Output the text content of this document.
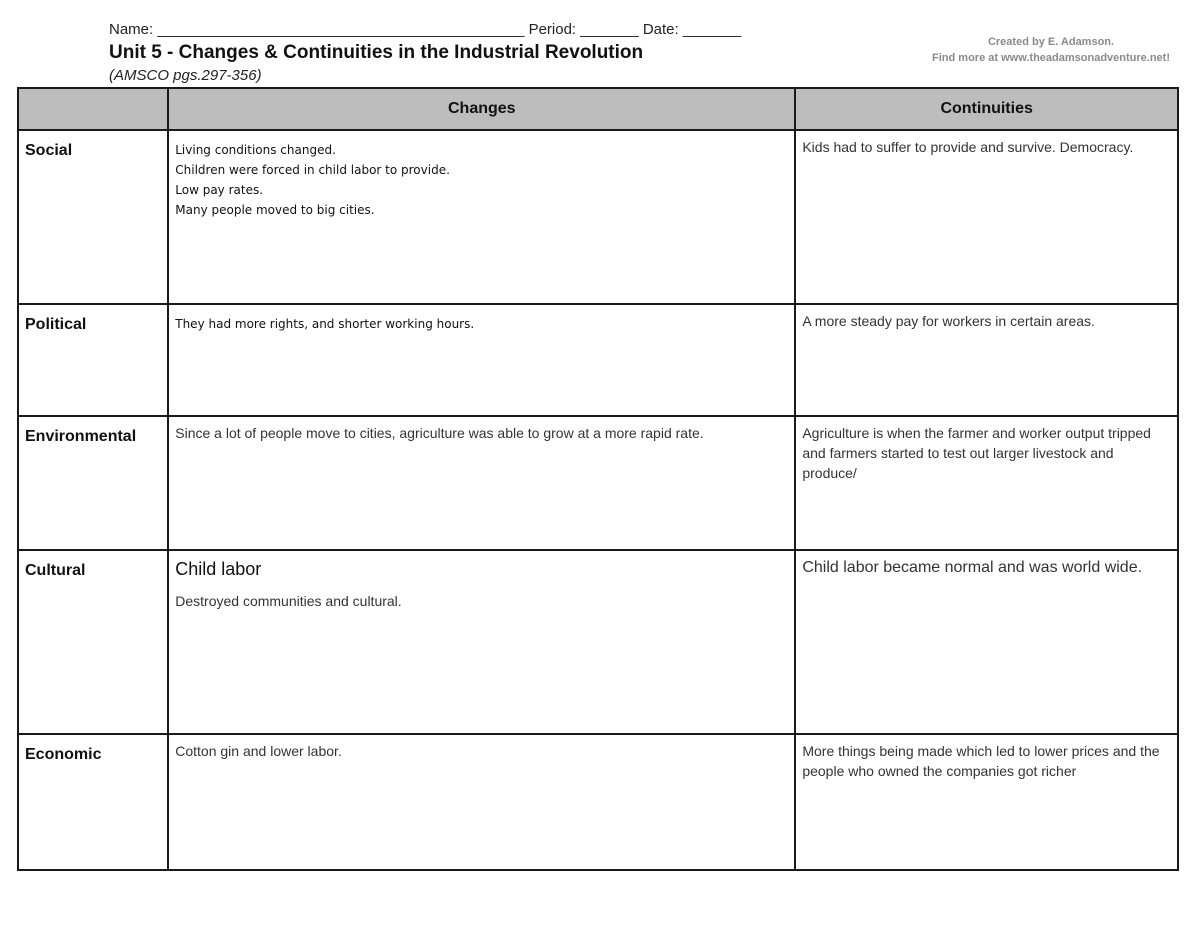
Name: ____________________________________________ Period: _______ Date: _______
Unit 5 - Changes & Continuities in the Industrial Revolution
(AMSCO pgs.297-356)
Created by E. Adamson.
Find more at www.theadamsonadventure.net!
	Changes	Continuities
Social	Living conditions changed.
Children were forced in child labor to provide.
Low pay rates.
Many people moved to big cities.	Kids had to suffer to provide and survive. Democracy.

Political	They had more rights, and shorter working hours.	A more steady pay for workers in certain areas.

Environmental	Since a lot of people move to cities, agriculture was able to grow at a more rapid rate.	Agriculture is when the farmer and worker output tripped and farmers started to test out larger livestock and produce/

Cultural	Child labor
Destroyed communities and cultural.	Child labor became normal and was world wide.

Economic	Cotton gin and lower labor.	More things being made which led to lower prices and the people who owned the companies got richer
